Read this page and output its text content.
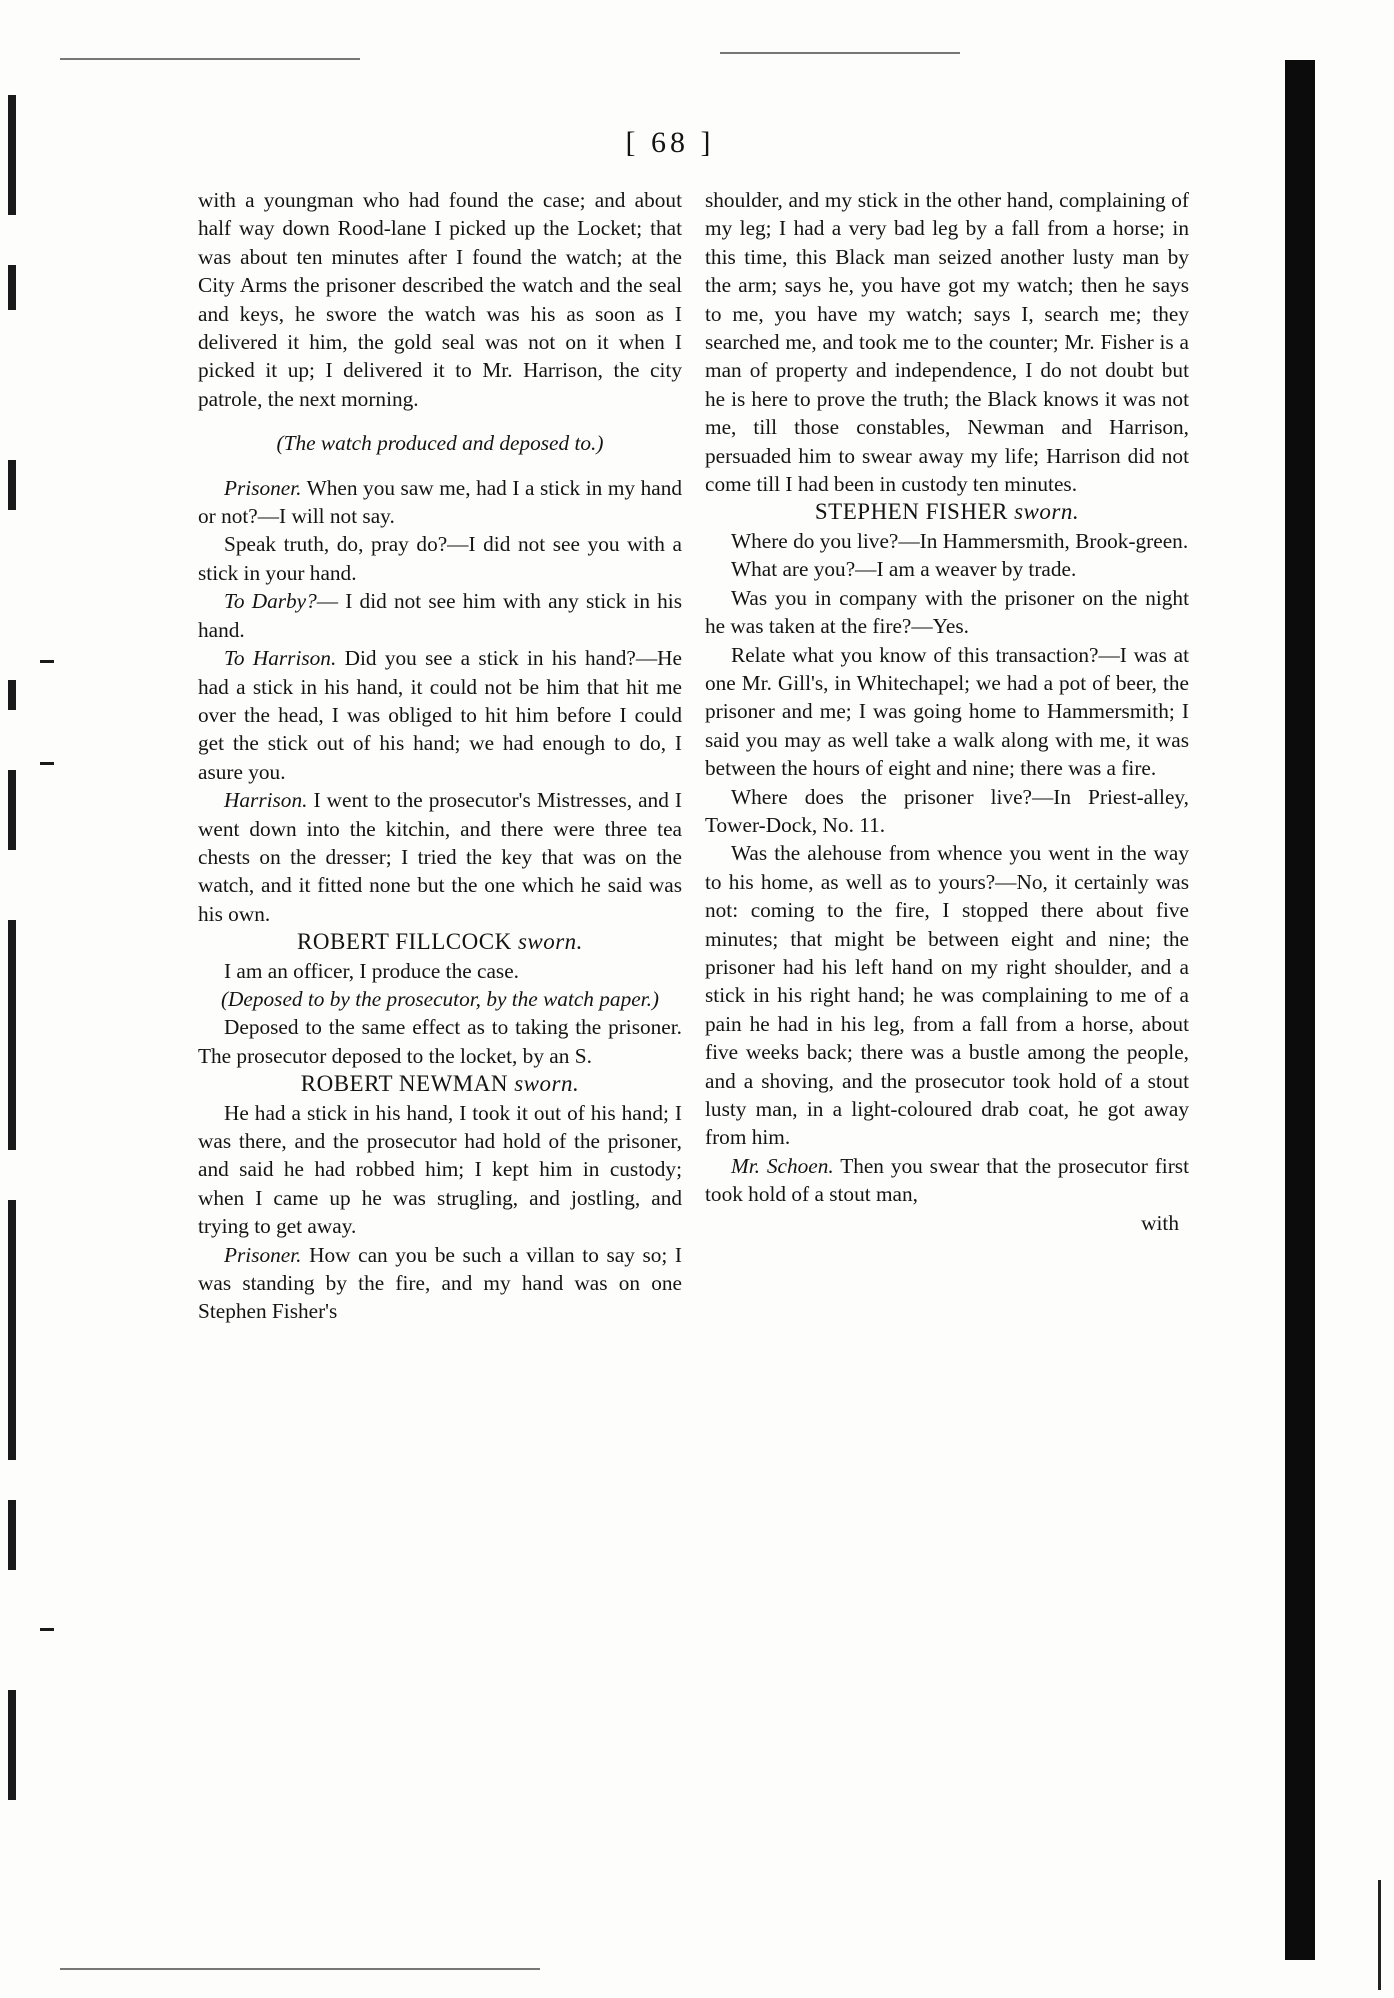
[ 68 ]

with a youngman who had found the case; and about half way down Rood-lane I picked up the Locket; that was about ten minutes after I found the watch; at the City Arms the prisoner described the watch and the seal and keys, he swore the watch was his as soon as I delivered it him, the gold seal was not on it when I picked it up; I delivered it to Mr. Harrison, the city patrole, the next morning.

(The watch produced and deposed to.)

Prisoner. When you saw me, had I a stick in my hand or not?—I will not say.

Speak truth, do, pray do?—I did not see you with a stick in your hand.

To Darby?— I did not see him with any stick in his hand.

To Harrison. Did you see a stick in his hand?—He had a stick in his hand, it could not be him that hit me over the head, I was obliged to hit him before I could get the stick out of his hand; we had enough to do, I asure you.

Harrison. I went to the prosecutor's Mistresses, and I went down into the kitchin, and there were three tea chests on the dresser; I tried the key that was on the watch, and it fitted none but the one which he said was his own.

ROBERT FILLCOCK sworn.

I am an officer, I produce the case.

(Deposed to by the prosecutor, by the watch paper.)

Deposed to the same effect as to taking the prisoner. The prosecutor deposed to the locket, by an S.

ROBERT NEWMAN sworn.

He had a stick in his hand, I took it out of his hand; I was there, and the prosecutor had hold of the prisoner, and said he had robbed him; I kept him in custody; when I came up he was strugling, and jostling, and trying to get away.

Prisoner. How can you be such a villan to say so; I was standing by the fire, and my hand was on one Stephen Fisher's

shoulder, and my stick in the other hand, complaining of my leg; I had a very bad leg by a fall from a horse; in this time, this Black man seized another lusty man by the arm; says he, you have got my watch; then he says to me, you have my watch; says I, search me; they searched me, and took me to the counter; Mr. Fisher is a man of property and independence, I do not doubt but he is here to prove the truth; the Black knows it was not me, till those constables, Newman and Harrison, persuaded him to swear away my life; Harrison did not come till I had been in custody ten minutes.

STEPHEN FISHER sworn.

Where do you live?—In Hammersmith, Brook-green.

What are you?—I am a weaver by trade.

Was you in company with the prisoner on the night he was taken at the fire?—Yes.

Relate what you know of this transaction?—I was at one Mr. Gill's, in Whitechapel; we had a pot of beer, the prisoner and me; I was going home to Hammersmith; I said you may as well take a walk along with me, it was between the hours of eight and nine; there was a fire.

Where does the prisoner live?—In Priest-alley, Tower-Dock, No. 11.

Was the alehouse from whence you went in the way to his home, as well as to yours?—No, it certainly was not: coming to the fire, I stopped there about five minutes; that might be between eight and nine; the prisoner had his left hand on my right shoulder, and a stick in his right hand; he was complaining to me of a pain he had in his leg, from a fall from a horse, about five weeks back; there was a bustle among the people, and a shoving, and the prosecutor took hold of a stout lusty man, in a light-coloured drab coat, he got away from him.

Mr. Schoen. Then you swear that the prosecutor first took hold of a stout man,

with
